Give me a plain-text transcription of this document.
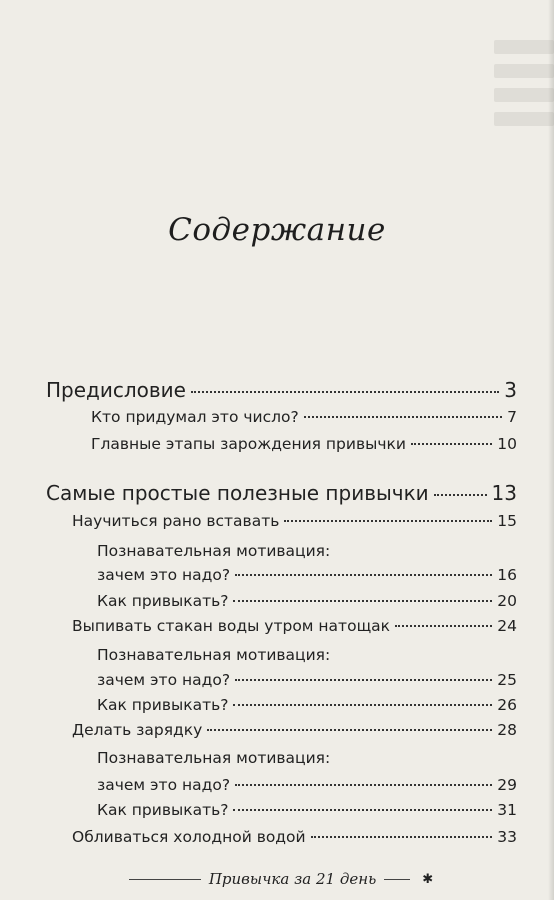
Содержание
Предисловие	3
Кто придумал это число?	7
Главные этапы зарождения привычки	10
Самые простые полезные привычки	13
Научиться рано вставать	15
Познавательная мотивация:
зачем это надо?	16
Как привыкать?	20
Выпивать стакан воды утром натощак	24
Познавательная мотивация:
зачем это надо?	25
Как привыкать?	26
Делать зарядку	28
Познавательная мотивация:
зачем это надо?	29
Как привыкать?	31
Обливаться холодной водой	33
Привычка за 21 день	✱
